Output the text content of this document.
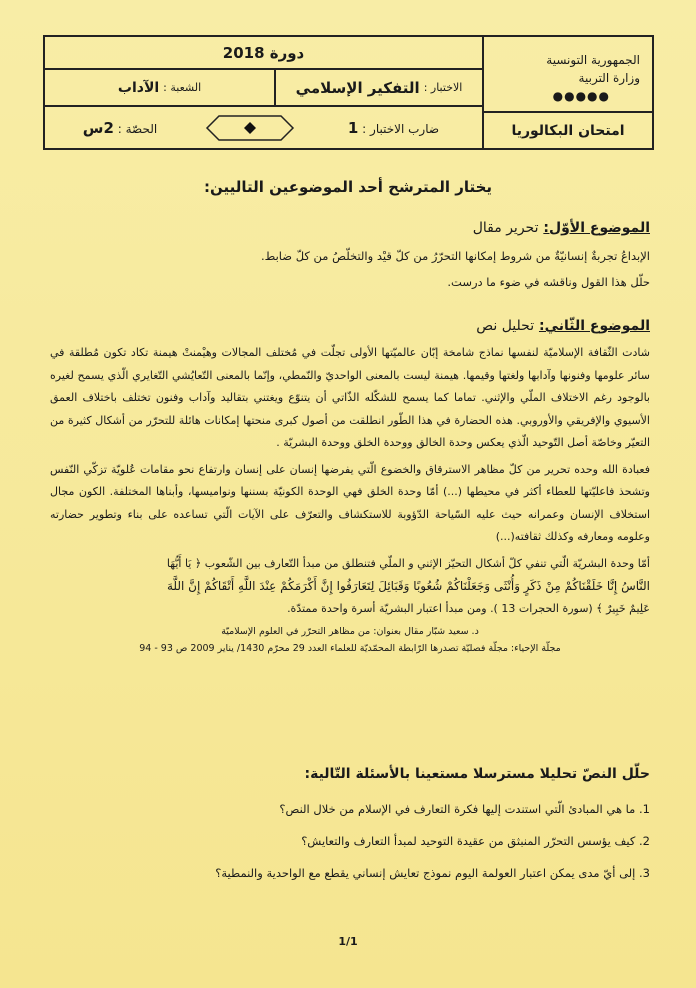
الجمهورية التونسية
وزارة التربية
●●●●●
امتحان البكالوريا
دورة 2018
الاختبار :
التفكير الإسلامي
الشعبة :
الآداب
الحصّة : 2س	ضارب الاختبار : 1
يختار المترشح أحد الموضوعين التاليين:
الموضوع الأوّل: تحرير مقال
الإبداعُ تجربةٌ إنسانيّةٌ من شروط إمكانها التحرّرُ من كلّ قيْد والتخلّصُ من كلّ ضابط.
حلّل هذا القول وناقشه في ضوء ما درست.
الموضوع الثّاني: تحليل نص
شادت الثّقافة الإسلاميّة لنفسها نماذج شامخة إبّان عالميّتها الأولى تجلّت في مُختلف المجالات وهيْمنتْ هيمنة تكاد تكون مُطلقة في سائر علومها وفنونها وآدابها ولغتها وقيمها. هيمنة ليست بالمعنى الواحديّ والنّمطي، وإنّما بالمعنى التّعايُشي التّغايري الّذي يسمح لغيره بالوجود رغم الاختلاف الملّي والإثني. تماما كما يسمح للشكّله الذّاتي أن يتنوّع ويغتني بتقاليد وآداب وفنون تختلف باختلاف العمق الأسيوي والإفريقي والأوروبي. هذه الحضارة في هذا الطّور انطلقت من أصول كبرى منحتها إمكانات هائلة للتحرّر من أشكال كثيرة من التعيّر وخاصّة أصل التّوحيد الّذي يعكس وحدة الخالق ووحدة الخلق ووحدة البشريّة .
فعبادة الله وحده تحرير من كلّ مظاهر الاسترقاق والخضوع الّتي يفرضها إنسان على إنسان وارتفاع نحو مقامات عُلويّة تزكّي النّفس وتشحذ فاعليّتها للعطاء أكثر في محيطها (...) أمّا وحدة الخلق فهي الوحدة الكونيّة بسننها ونواميسها، وأبناها المختلفة. الكون مجال استخلاف الإنسان وعمرانه حيث عليه السّياحة الدّؤوبة للاستكشاف والتعرّف على الآيات الّتي تساعده على بناء وتطوير حضارته وعلومه ومعارفه وكذلك ثقافته(...)
أمّا وحدة البشريّة الّتي تنفي كلّ أشكال التحيّز الإثني و الملّي فتنطلق من مبدأ التّعارف بين الشّعوب ﴿ يَا أَيُّهَا
النَّاسُ إِنَّا خَلَقْنَاكُمْ مِنْ ذَكَرٍ وَأُنْثَى وَجَعَلْنَاكُمْ شُعُوبًا وَقَبَائِلَ لِتَعَارَفُوا إِنَّ أَكْرَمَكُمْ عِنْدَ اللَّهِ أَتْقَاكُمْ إِنَّ اللَّهَ
عَلِيمٌ خَبِيرٌ ﴾ (سورة الحجرات 13 ). ومن مبدأ اعتبار البشريّة أسرة واحدة ممتدّة.
د. سعيد شبّار مقال بعنوان: من مظاهر التحرّر في العلوم الإسلاميّة
مجلّة الإحياء: مجلّة فصليّة تصدرها الرّابطة المحمّديّة للعلماء العدد 29 محرّم 1430/ يناير 2009 ص 93 - 94
حلّل النصّ تحليلا مسترسلا مستعينا بالأسئلة التّالية:
1. ما هي المبادئ الّتي استندت إليها فكرة التعارف في الإسلام من خلال النص؟
2. كيف يؤسس التحرّر المنبثق من عقيدة التوحيد لمبدأ التعارف والتعايش؟
3. إلى أيّ مدى يمكن اعتبار العولمة اليوم نموذج تعايش إنساني يقطع مع الواحدية والنمطية؟
1/1
